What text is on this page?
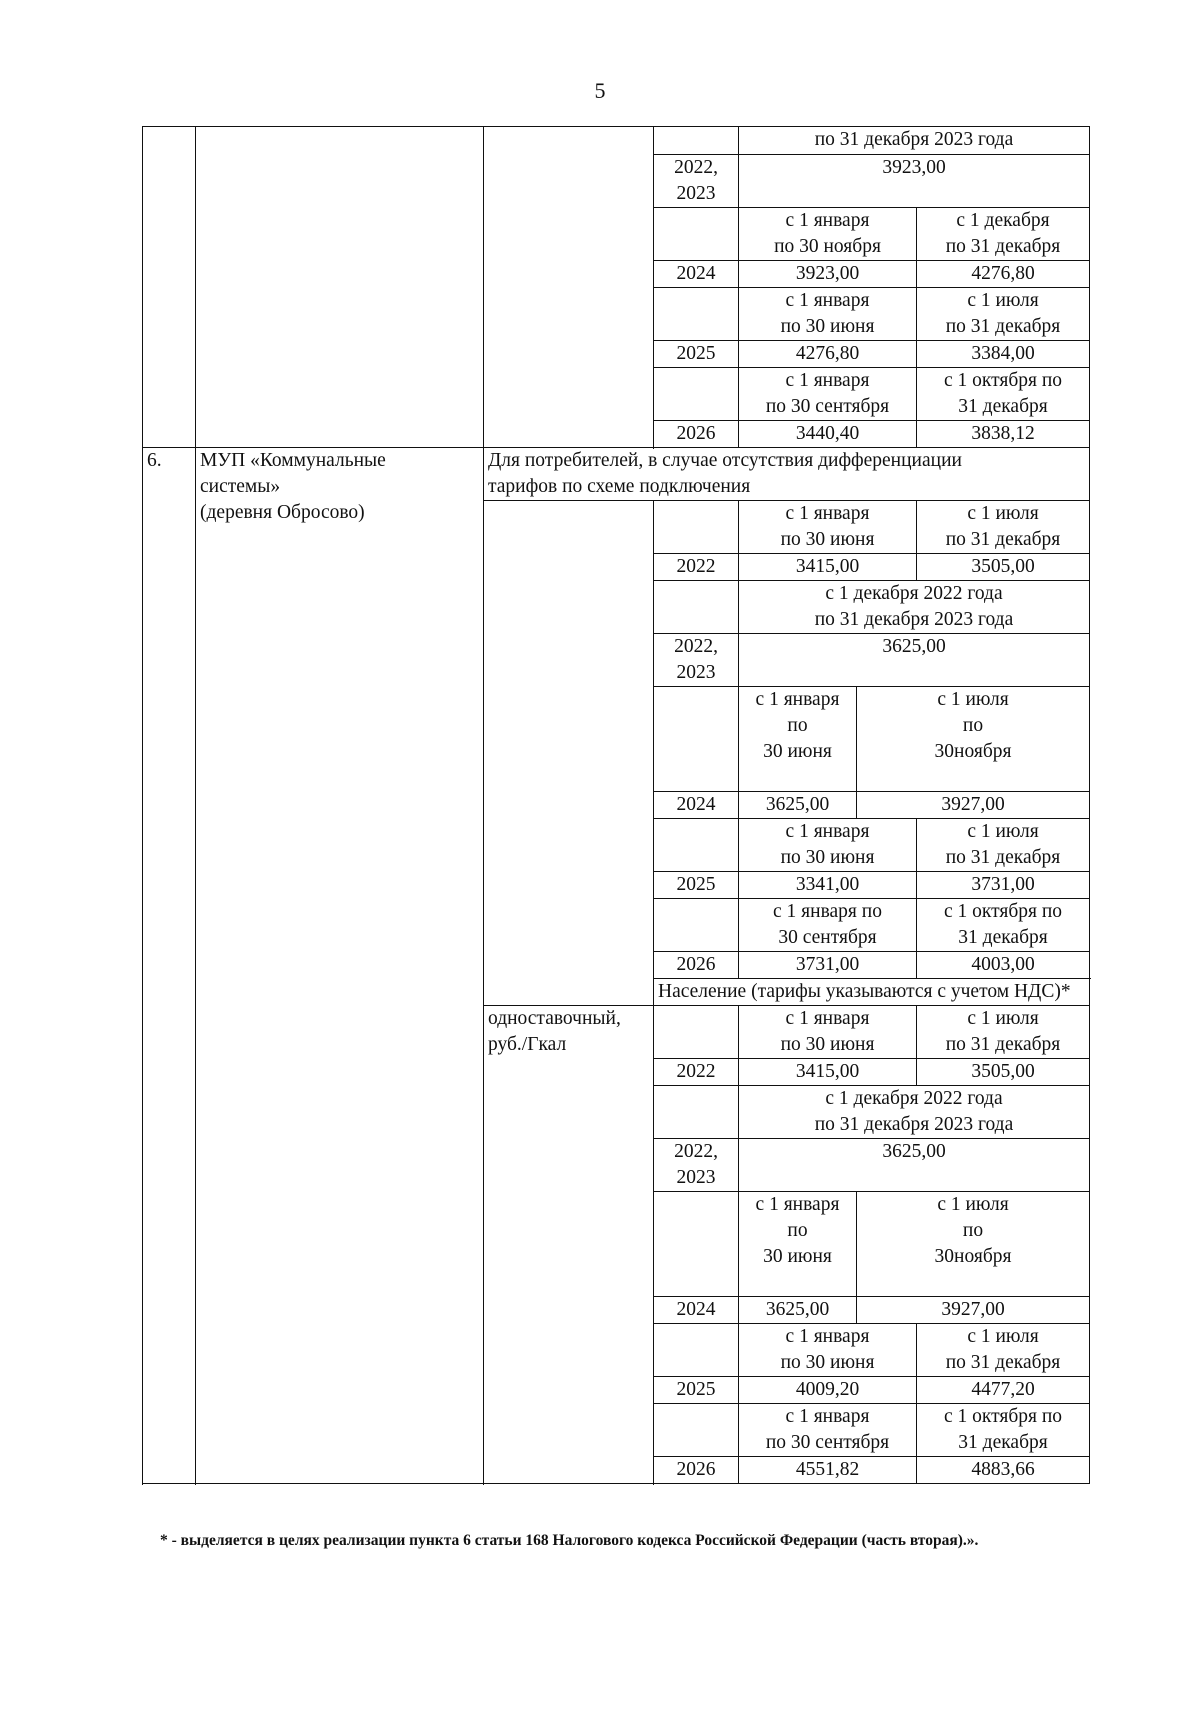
5
				по 31 декабря 2023 года			
			2022,
2023	3923,00			
				с 1 января
по 30 ноября		с 1 декабря
по 31 декабря	
			2024	3923,00		4276,80	
				с 1 января
по 30 июня		с 1 июля
по 31 декабря	
			2025	4276,80		3384,00	
				с 1 января
по 30 сентября		с 1 октября по
31 декабря	
			2026	3440,40		3838,12	

6.	МУП «Коммунальные
системы»
(деревня Обросово)	Для потребителей, в случае отсутствия дифференциации
тарифов по схеме подключения					
				с 1 января
по 30 июня		с 1 июля
по 31 декабря	
			2022	3415,00		3505,00	
				с 1 декабря 2022 года
по 31 декабря 2023 года			
			2022,
2023	3625,00			
				с 1 января
по
30 июня	с 1 июля
по
30ноября	

			2024	3625,00	3927,00	
				с 1 января
по 30 июня		с 1 июля
по 31 декабря	
			2025	3341,00		3731,00	
				с 1 января по
30 сентября		с 1 октября по
31 декабря	
			2026	3731,00		4003,00	

			Население (тарифы указываются с учетом НДС)*				
		одноставочный,
руб./Гкал		с 1 января
по 30 июня		с 1 июля
по 31 декабря	
			2022	3415,00		3505,00	
				с 1 декабря 2022 года
по 31 декабря 2023 года			
			2022,
2023	3625,00			
				с 1 января
по
30 июня	с 1 июля
по
30ноября	

			2024	3625,00	3927,00	
				с 1 января
по 30 июня		с 1 июля
по 31 декабря	
			2025	4009,20		4477,20	
				с 1 января
по 30 сентября		с 1 октября по
31 декабря	
			2026	4551,82		4883,66	

* - выделяется в целях реализации пункта 6 статьи 168 Налогового кодекса Российской Федерации (часть вторая).».
